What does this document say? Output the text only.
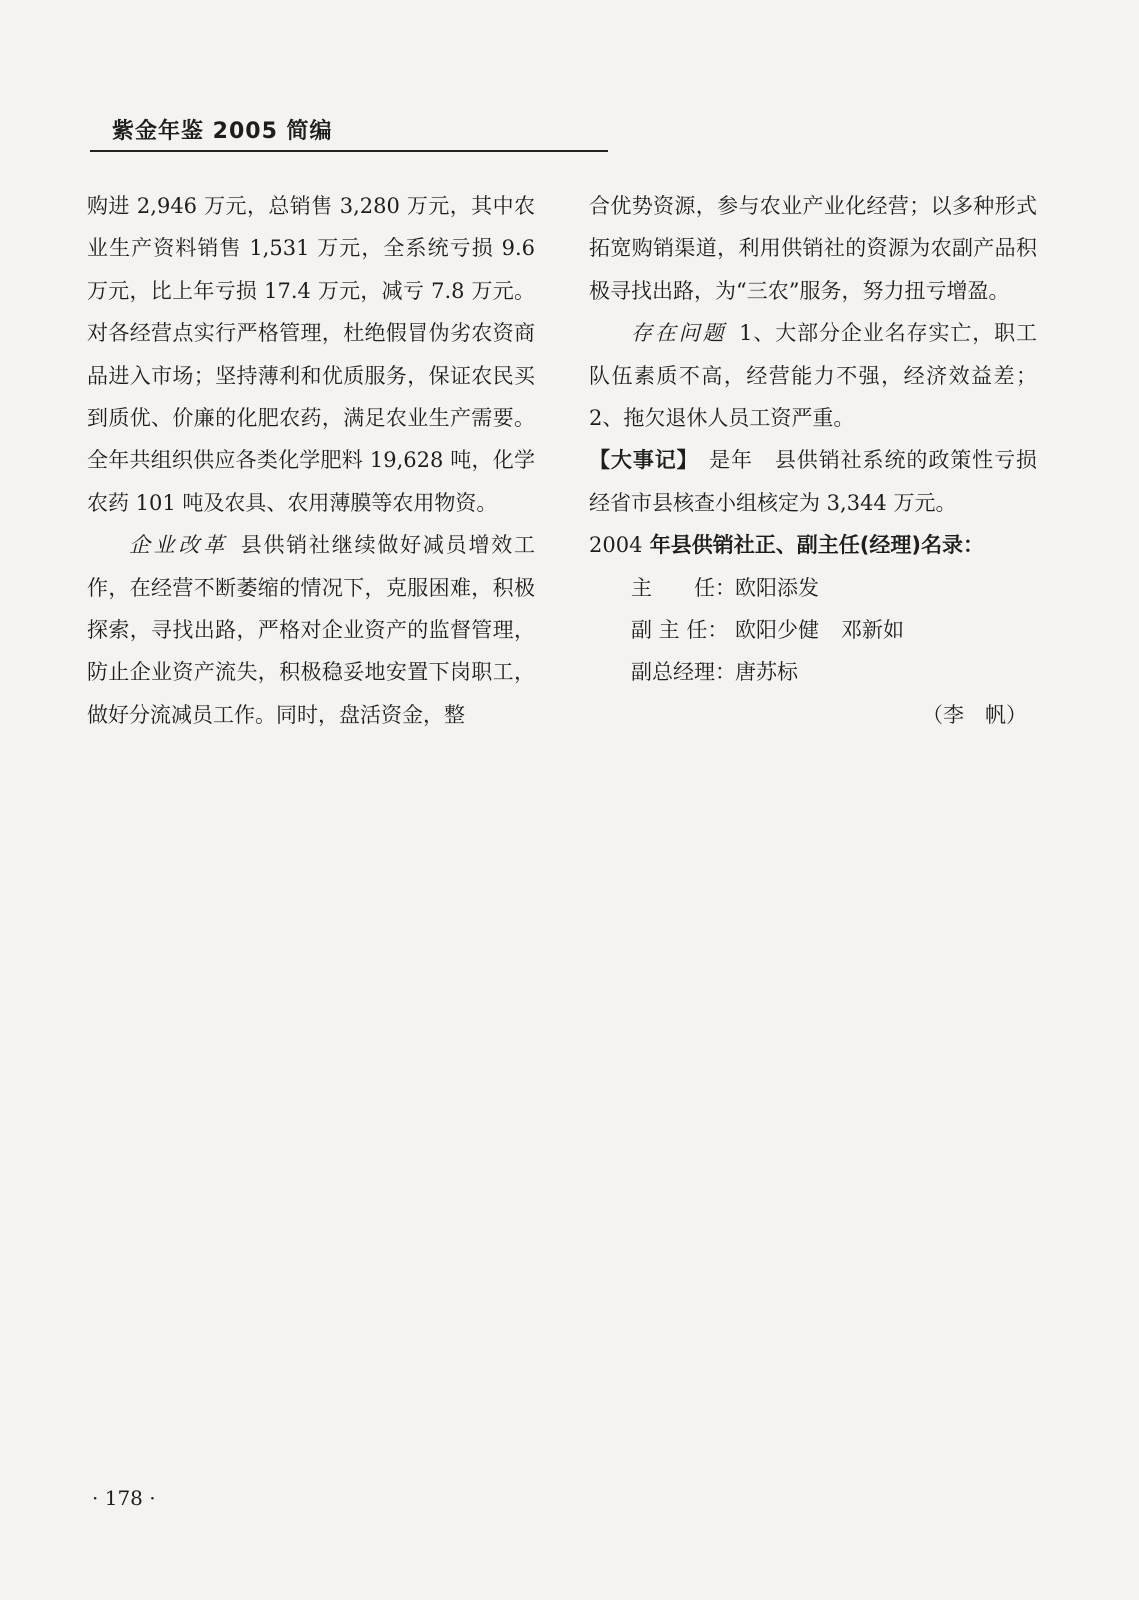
紫金年鉴 2005 简编

购进 2,946 万元，总销售 3,280 万元，其中农业生产资料销售 1,531 万元，全系统亏损 9.6 万元，比上年亏损 17.4 万元，减亏 7.8 万元。对各经营点实行严格管理，杜绝假冒伪劣农资商品进入市场；坚持薄利和优质服务，保证农民买到质优、价廉的化肥农药，满足农业生产需要。全年共组织供应各类化学肥料 19,628 吨，化学农药 101 吨及农具、农用薄膜等农用物资。

企业改革 县供销社继续做好减员增效工作，在经营不断萎缩的情况下，克服困难，积极探索，寻找出路，严格对企业资产的监督管理，防止企业资产流失，积极稳妥地安置下岗职工，做好分流减员工作。同时，盘活资金，整

合优势资源，参与农业产业化经营；以多种形式拓宽购销渠道，利用供销社的资源为农副产品积极寻找出路，为“三农”服务，努力扭亏增盈。

存在问题 1、大部分企业名存实亡，职工队伍素质不高，经营能力不强，经济效益差；2、拖欠退休人员工资严重。

【大事记】 是年　县供销社系统的政策性亏损经省市县核查小组核定为 3,344 万元。

2004 年县供销社正、副主任(经理)名录：

主　　任：欧阳添发
副 主 任： 欧阳少健 邓新如
副总经理：唐苏标

（李　帆）

· 178 ·
